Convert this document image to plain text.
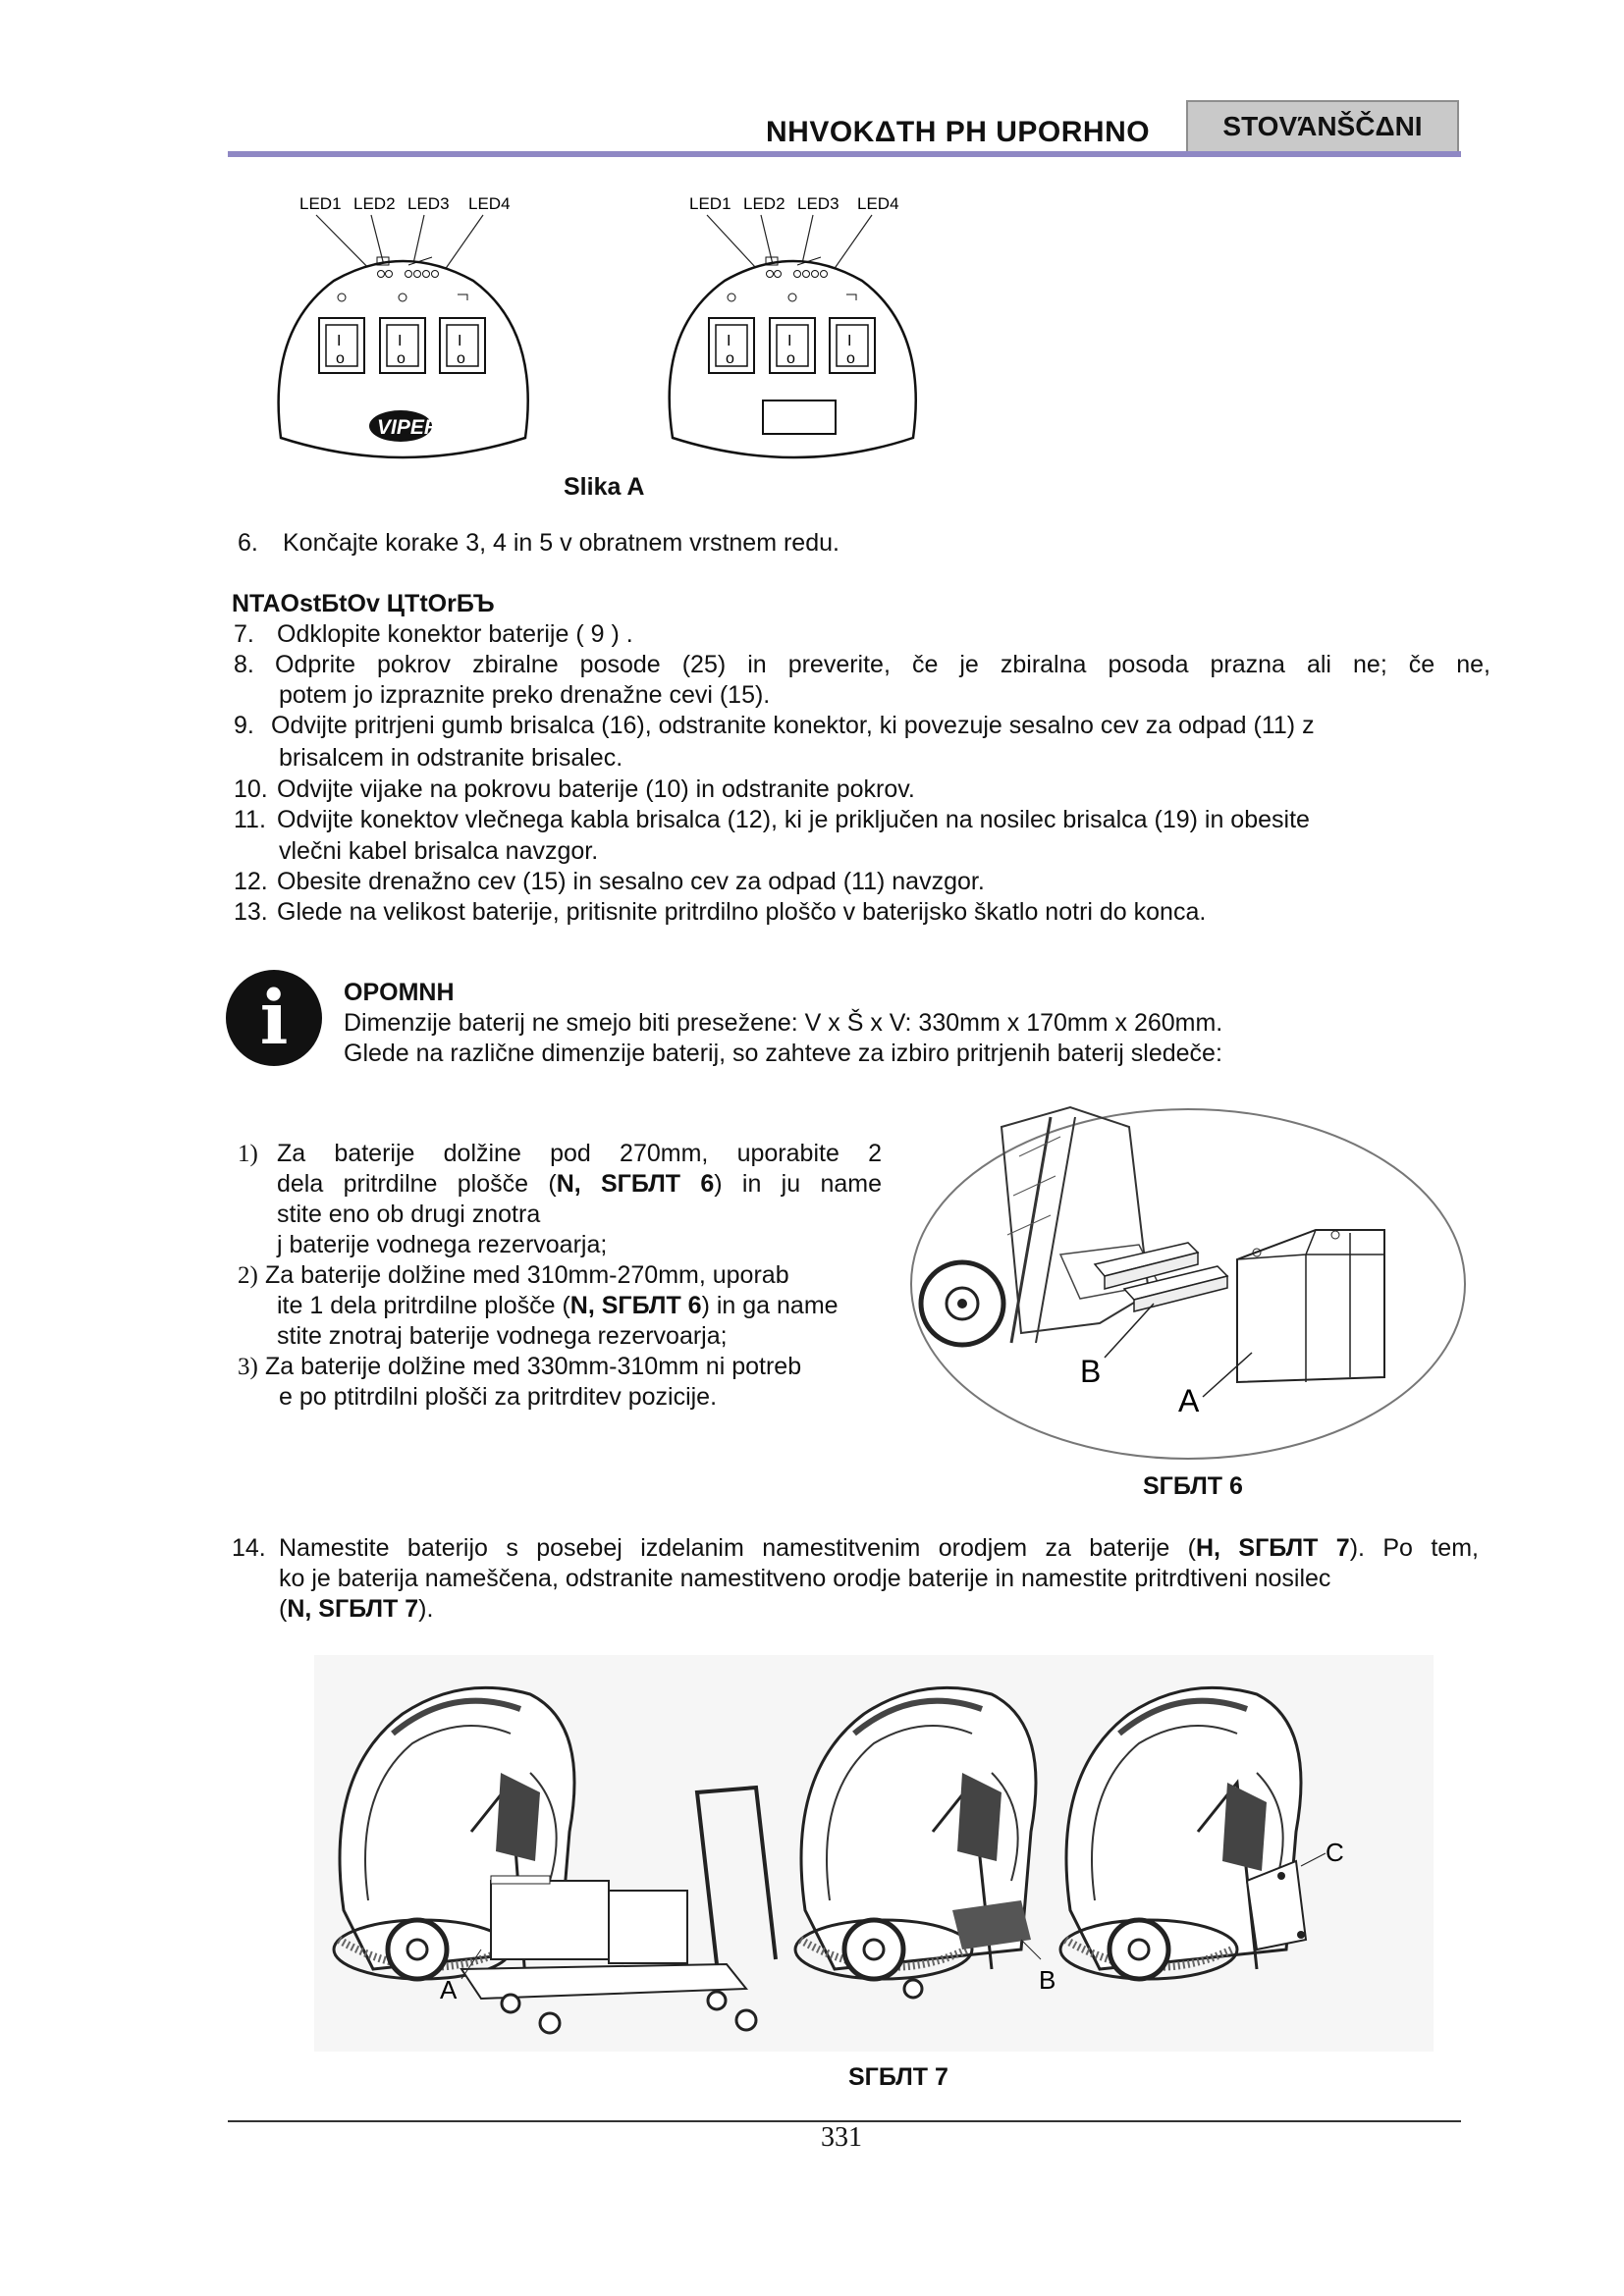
NHVOKΔTH PH UPORHNO	STOVΆNŠČΔNI
LED1 LED2 LED3 LED4
I
o
I
o
I
o
VIPER
LED1 LED2 LED3 LED4
I
o
I
o
I
o
Slika A
6. Končajte korake 3, 4 in 5 v obratnem vrstnem redu.
NTAOstБtOv ЦTtOrБЪ
7. Odklopite konektor baterije ( 9 ) .
8. Odprite pokrov zbiralne posode (25) in preverite, če je zbiralna posoda prazna ali ne; če ne,
potem jo izpraznite preko drenažne cevi (15).
9. Odvijte pritrjeni gumb brisalca (16), odstranite konektor, ki povezuje sesalno cev za odpad (11) z
brisalcem in odstranite brisalec.
10. Odvijte vijake na pokrovu baterije (10) in odstranite pokrov.
11. Odvijte konektov vlečnega kabla brisalca (12), ki je priključen na nosilec brisalca (19) in obesite
vlečni kabel brisalca navzgor.
12. Obesite drenažno cev (15) in sesalno cev za odpad (11) navzgor.
13. Glede na velikost baterije, pritisnite pritrdilno ploščo v baterijsko škatlo notri do konca.
i	OPOMNH
Dimenzije baterij ne smejo biti presežene: V x Š x V: 330mm x 170mm x 260mm.
Glede na različne dimenzije baterij, so zahteve za izbiro pritrjenih baterij sledeče:
1) Za baterije dolžine pod 270mm, uporabite 2
dela pritrdilne plošče (N, SГБЛT 6) in ju name
stite eno ob drugi znotra
j baterije vodnega rezervoarja;
2) Za baterije dolžine med 310mm-270mm, uporab
ite 1 dela pritrdilne plošče (N, SГБЛT 6) in ga name
stite znotraj baterije vodnega rezervoarja;
3) Za baterije dolžine med 330mm-310mm ni potreb
e po ptitrdilni plošči za pritrditev pozicije.
B
A
SГБЛT 6
14. Namestite baterijo s posebej izdelanim namestitvenim orodjem za baterije (H, SГБЛT 7). Po tem,
ko je baterija nameščena, odstranite namestitveno orodje baterije in namestite pritrdtiveni nosilec
(N, SГБЛT 7).
A	B
C
SГБЛT 7
331
